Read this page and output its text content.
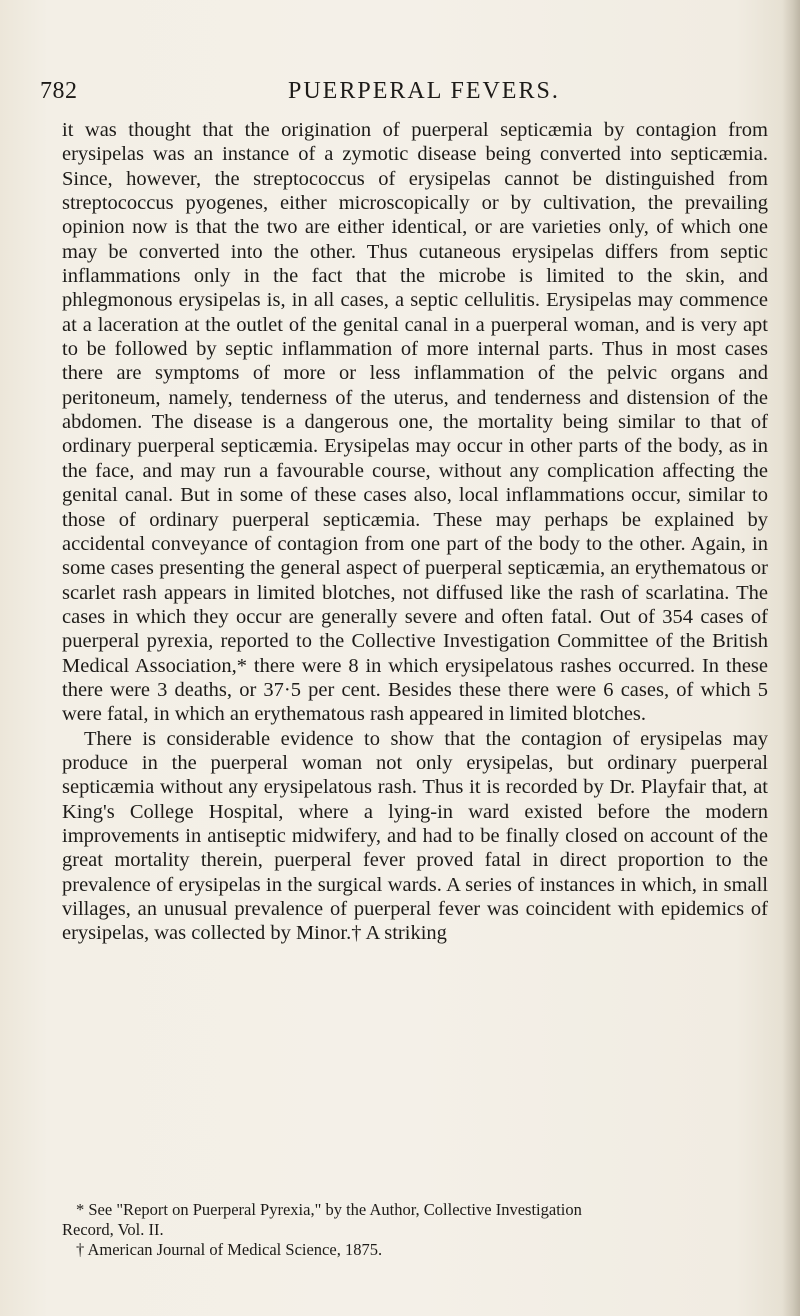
782	PUERPERAL FEVERS.

it was thought that the origination of puerperal septicæmia by contagion from erysipelas was an instance of a zymotic disease being converted into septicæmia. Since, however, the streptococcus of erysipelas cannot be distinguished from streptococcus pyogenes, either microscopically or by cultivation, the prevailing opinion now is that the two are either identical, or are varieties only, of which one may be converted into the other. Thus cutaneous erysipelas differs from septic inflammations only in the fact that the microbe is limited to the skin, and phlegmonous erysipelas is, in all cases, a septic cellulitis. Erysipelas may commence at a laceration at the outlet of the genital canal in a puerperal woman, and is very apt to be followed by septic inflammation of more internal parts. Thus in most cases there are symptoms of more or less inflammation of the pelvic organs and peritoneum, namely, tenderness of the uterus, and tenderness and distension of the abdomen. The disease is a dangerous one, the mortality being similar to that of ordinary puerperal septicæmia. Erysipelas may occur in other parts of the body, as in the face, and may run a favourable course, without any complication affecting the genital canal. But in some of these cases also, local inflammations occur, similar to those of ordinary puerperal septicæmia. These may perhaps be explained by accidental conveyance of contagion from one part of the body to the other. Again, in some cases presenting the general aspect of puerperal septicæmia, an erythematous or scarlet rash appears in limited blotches, not diffused like the rash of scarlatina. The cases in which they occur are generally severe and often fatal. Out of 354 cases of puerperal pyrexia, reported to the Collective Investigation Committee of the British Medical Association,* there were 8 in which erysipelatous rashes occurred. In these there were 3 deaths, or 37·5 per cent. Besides these there were 6 cases, of which 5 were fatal, in which an erythematous rash appeared in limited blotches.

There is considerable evidence to show that the contagion of erysipelas may produce in the puerperal woman not only erysipelas, but ordinary puerperal septicæmia without any erysipelatous rash. Thus it is recorded by Dr. Playfair that, at King's College Hospital, where a lying-in ward existed before the modern improvements in antiseptic midwifery, and had to be finally closed on account of the great mortality therein, puerperal fever proved fatal in direct proportion to the prevalence of erysipelas in the surgical wards. A series of instances in which, in small villages, an unusual prevalence of puerperal fever was coincident with epidemics of erysipelas, was collected by Minor.† A striking

* See "Report on Puerperal Pyrexia," by the Author, Collective Investigation

Record, Vol. II.

† American Journal of Medical Science, 1875.
